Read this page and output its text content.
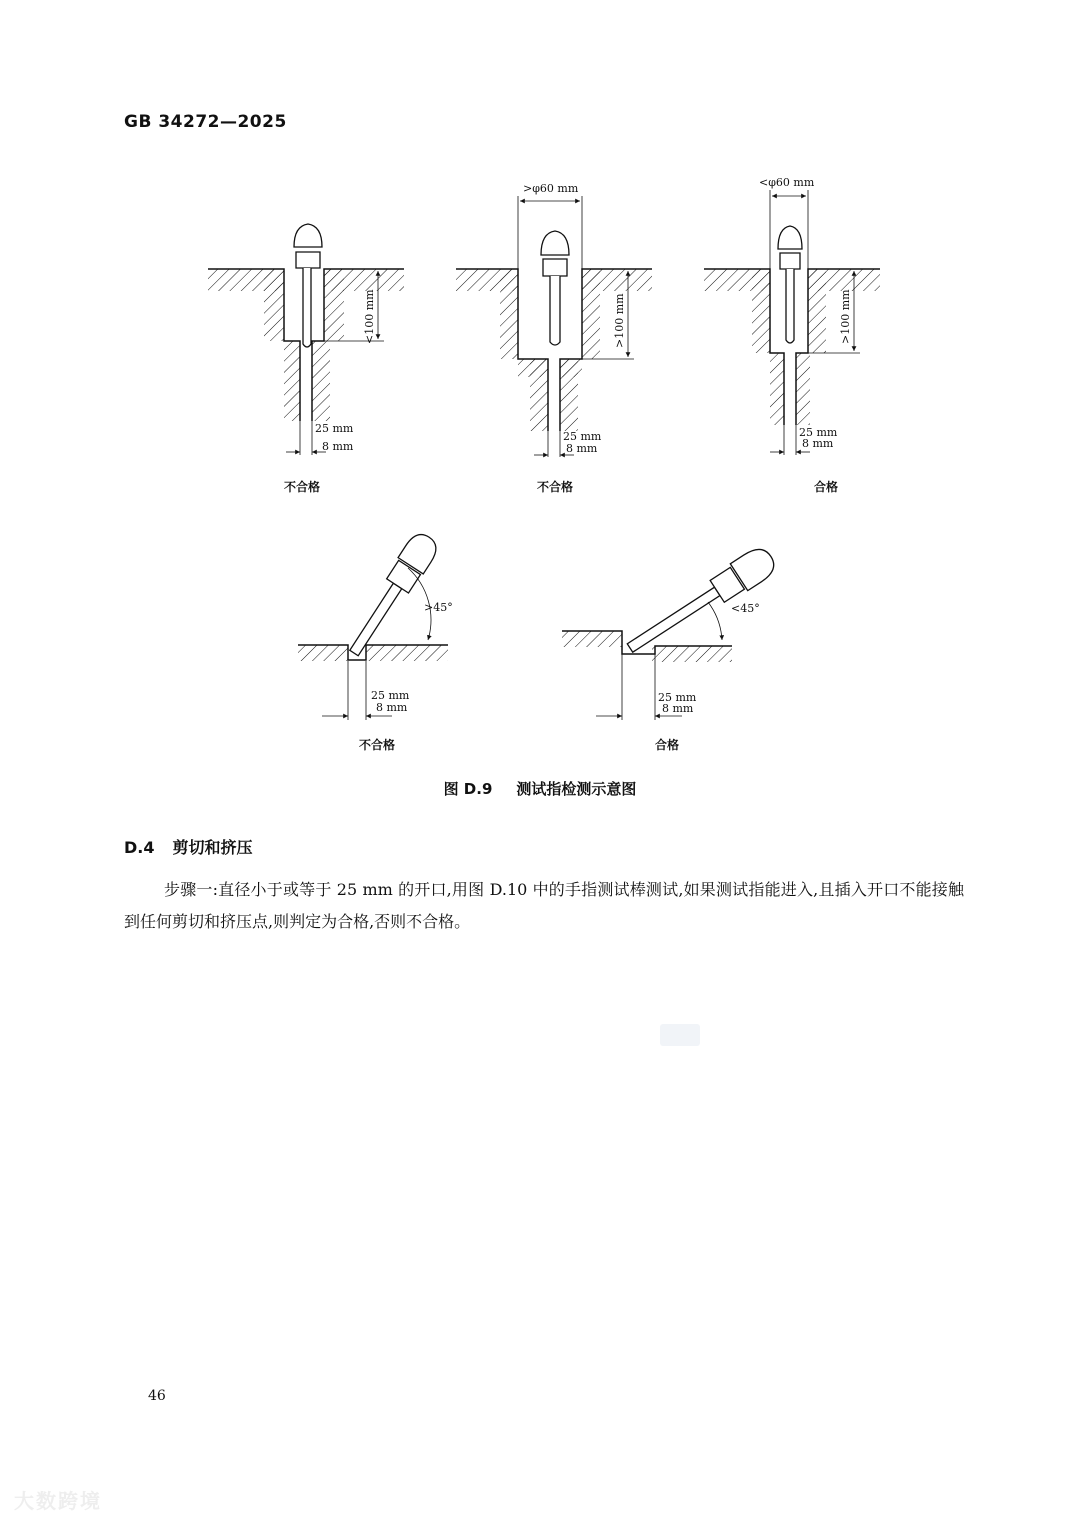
GB 34272—2025
<100 mm
25 mm
8 mm
>φ60 mm
>100 mm
25 mm
8 mm
<φ60 mm
>100 mm
25 mm
8 mm
>45°
25 mm
8 mm
<45°
25 mm
8 mm
不合格	不合格	合格
不合格	合格
图 D.9 测试指检测示意图
D.4 剪切和挤压
步骤一:直径小于或等于 25 mm 的开口,用图 D.10 中的手指测试棒测试,如果测试指能进入,且插入开口不能接触到任何剪切和挤压点,则判定为合格,否则不合格。
46
大数跨境
